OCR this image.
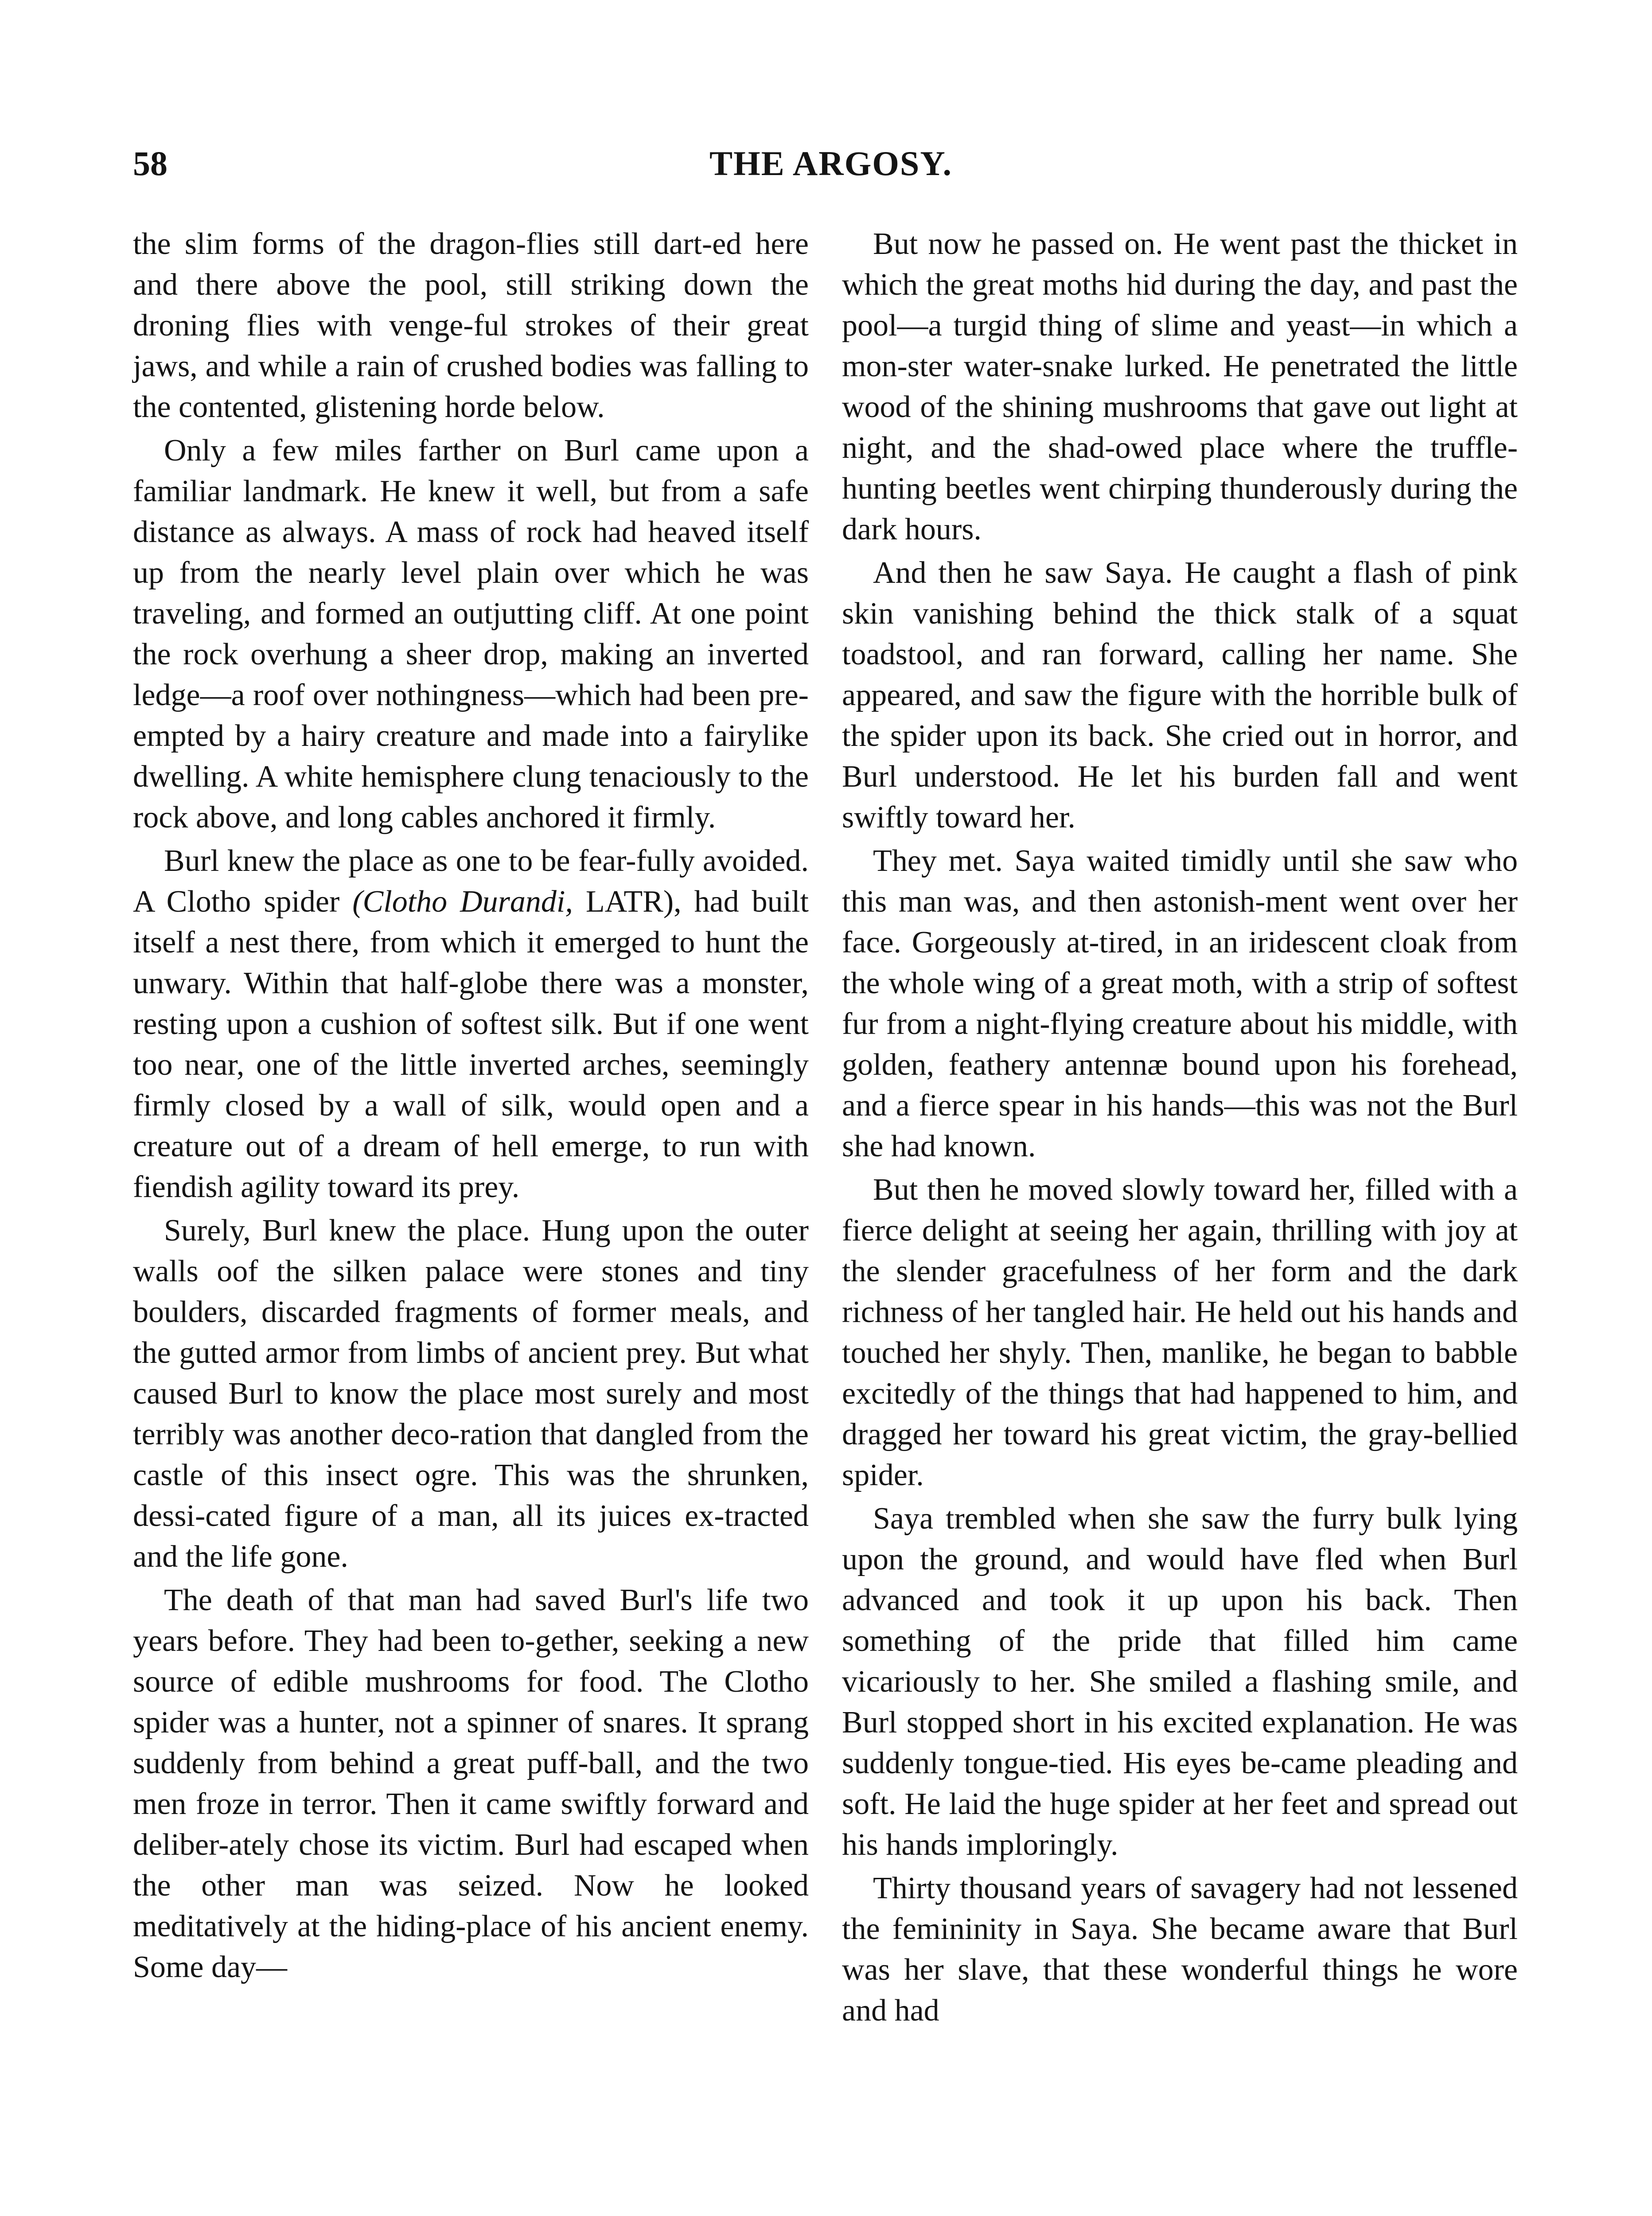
58	THE ARGOSY.

the slim forms of the dragon-flies still dart-ed here and there above the pool, still striking down the droning flies with venge-ful strokes of their great jaws, and while a rain of crushed bodies was falling to the contented, glistening horde below.

Only a few miles farther on Burl came upon a familiar landmark. He knew it well, but from a safe distance as always. A mass of rock had heaved itself up from the nearly level plain over which he was traveling, and formed an outjutting cliff. At one point the rock overhung a sheer drop, making an inverted ledge—a roof over nothingness—which had been pre-empted by a hairy creature and made into a fairylike dwelling. A white hemisphere clung tenaciously to the rock above, and long cables anchored it firmly.

Burl knew the place as one to be fear-fully avoided. A Clotho spider (Clotho Durandi, LATR), had built itself a nest there, from which it emerged to hunt the unwary. Within that half-globe there was a monster, resting upon a cushion of softest silk. But if one went too near, one of the little inverted arches, seemingly firmly closed by a wall of silk, would open and a creature out of a dream of hell emerge, to run with fiendish agility toward its prey.

Surely, Burl knew the place. Hung upon the outer walls oof the silken palace were stones and tiny boulders, discarded fragments of former meals, and the gutted armor from limbs of ancient prey. But what caused Burl to know the place most surely and most terribly was another deco-ration that dangled from the castle of this insect ogre. This was the shrunken, dessi-cated figure of a man, all its juices ex-tracted and the life gone.

The death of that man had saved Burl's life two years before. They had been to-gether, seeking a new source of edible mushrooms for food. The Clotho spider was a hunter, not a spinner of snares. It sprang suddenly from behind a great puff-ball, and the two men froze in terror. Then it came swiftly forward and deliber-ately chose its victim. Burl had escaped when the other man was seized. Now he looked meditatively at the hiding-place of his ancient enemy. Some day—

But now he passed on. He went past the thicket in which the great moths hid during the day, and past the pool—a turgid thing of slime and yeast—in which a mon-ster water-snake lurked. He penetrated the little wood of the shining mushrooms that gave out light at night, and the shad-owed place where the truffle-hunting beetles went chirping thunderously during the dark hours.

And then he saw Saya. He caught a flash of pink skin vanishing behind the thick stalk of a squat toadstool, and ran forward, calling her name. She appeared, and saw the figure with the horrible bulk of the spider upon its back. She cried out in horror, and Burl understood. He let his burden fall and went swiftly toward her.

They met. Saya waited timidly until she saw who this man was, and then astonish-ment went over her face. Gorgeously at-tired, in an iridescent cloak from the whole wing of a great moth, with a strip of softest fur from a night-flying creature about his middle, with golden, feathery antennæ bound upon his forehead, and a fierce spear in his hands—this was not the Burl she had known.

But then he moved slowly toward her, filled with a fierce delight at seeing her again, thrilling with joy at the slender gracefulness of her form and the dark richness of her tangled hair. He held out his hands and touched her shyly. Then, manlike, he began to babble excitedly of the things that had happened to him, and dragged her toward his great victim, the gray-bellied spider.

Saya trembled when she saw the furry bulk lying upon the ground, and would have fled when Burl advanced and took it up upon his back. Then something of the pride that filled him came vicariously to her. She smiled a flashing smile, and Burl stopped short in his excited explanation. He was suddenly tongue-tied. His eyes be-came pleading and soft. He laid the huge spider at her feet and spread out his hands imploringly.

Thirty thousand years of savagery had not lessened the femininity in Saya. She became aware that Burl was her slave, that these wonderful things he wore and had
